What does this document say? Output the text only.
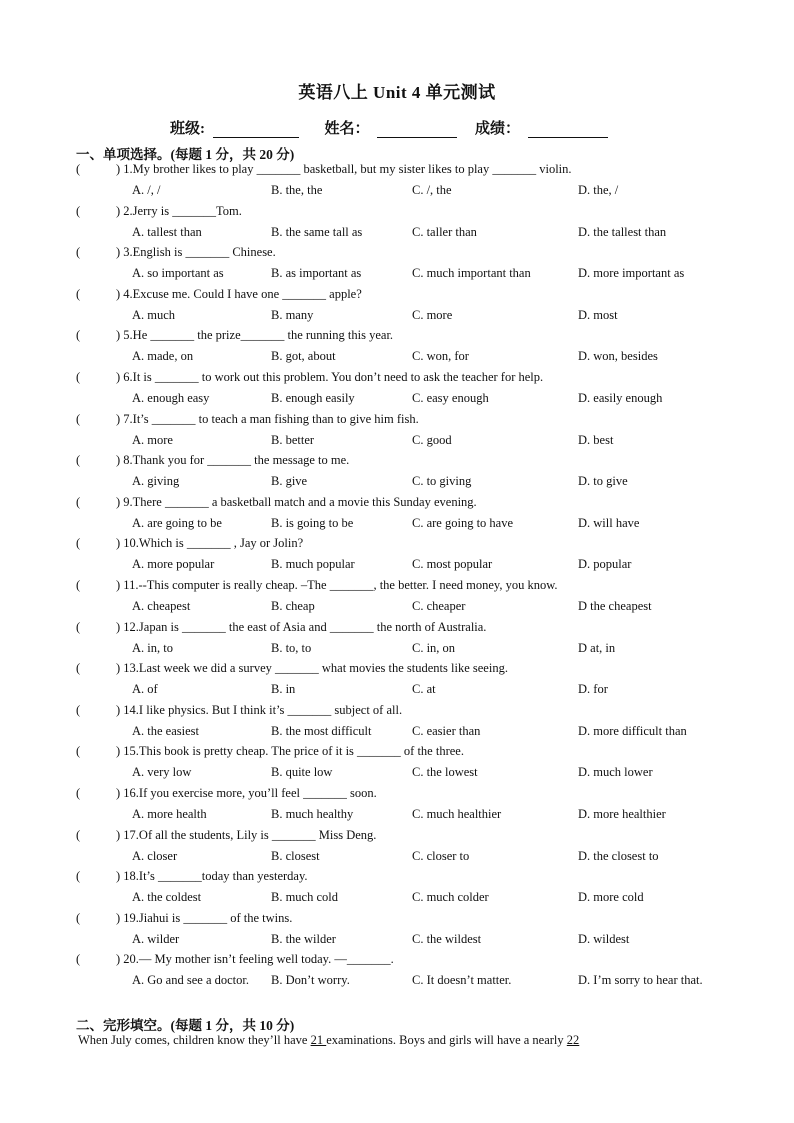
英语八上 Unit 4 单元测试
班级:	姓名：	成绩：
一、单项选择。(每题 1 分，共 20 分)
(	) 1.My brother likes to play _______ basketball, but my sister likes to play _______ violin.
A. /, /	B. the, the	C. /, the	D. the, /
(	) 2.Jerry is _______Tom.
A. tallest than	B. the same tall as	C. taller than	D. the tallest than
(	) 3.English is _______ Chinese.
A. so important as	B. as important as	C. much important than	D. more important as
(	) 4.Excuse me. Could I have one _______ apple?
A. much	B. many	C. more	D. most
(	) 5.He _______ the prize_______ the running this year.
A. made, on	B. got, about	C. won, for	D. won, besides
(	) 6.It is _______ to work out this problem. You don’t need to ask the teacher for help.
A. enough easy	B. enough easily	C. easy enough	D. easily enough
(	) 7.It’s _______ to teach a man fishing than to give him fish.
A. more	B. better	C. good	D. best
(	) 8.Thank you for _______ the message to me.
A. giving	B. give	C. to giving	D. to give
(	) 9.There _______ a basketball match and a movie this Sunday evening.
A. are going to be	B. is going to be	C. are going to have	D. will have
(	) 10.Which is _______ , Jay or Jolin?
A. more popular	B. much popular	C. most popular	D. popular
(	) 11.--This computer is really cheap. –The _______, the better. I need money, you know.
A. cheapest	B. cheap	C. cheaper	D the cheapest
(	) 12.Japan is _______ the east of Asia and _______ the north of Australia.
A. in, to	B. to, to	C. in, on	D at, in
(	) 13.Last week we did a survey _______ what movies the students like seeing.
A. of	B. in	C. at	D. for
(	) 14.I like physics. But I think it’s _______ subject of all.
A. the easiest	B. the most difficult	C. easier than	D. more difficult than
(	) 15.This book is pretty cheap. The price of it is _______ of the three.
A. very low	B. quite low	C. the lowest	D. much lower
(	) 16.If you exercise more, you’ll feel _______ soon.
A. more health	B. much healthy	C. much healthier	D. more healthier
(	) 17.Of all the students, Lily is _______ Miss Deng.
A. closer	B. closest	C. closer to	D. the closest to
(	) 18.It’s _______today than yesterday.
A. the coldest	B. much cold	C. much colder	D. more cold
(	) 19.Jiahui is _______ of the twins.
A. wilder	B. the wilder	C. the wildest	D. wildest
(	) 20.— My mother isn’t feeling well today. —_______.
A. Go and see a doctor. B. Don’t worry.	C. It doesn’t matter.	D. I’m sorry to hear that.
二、完形填空。(每题 1 分，共 10 分)
When July comes, children know they’ll have 21 examinations. Boys and girls will have a nearly 22
